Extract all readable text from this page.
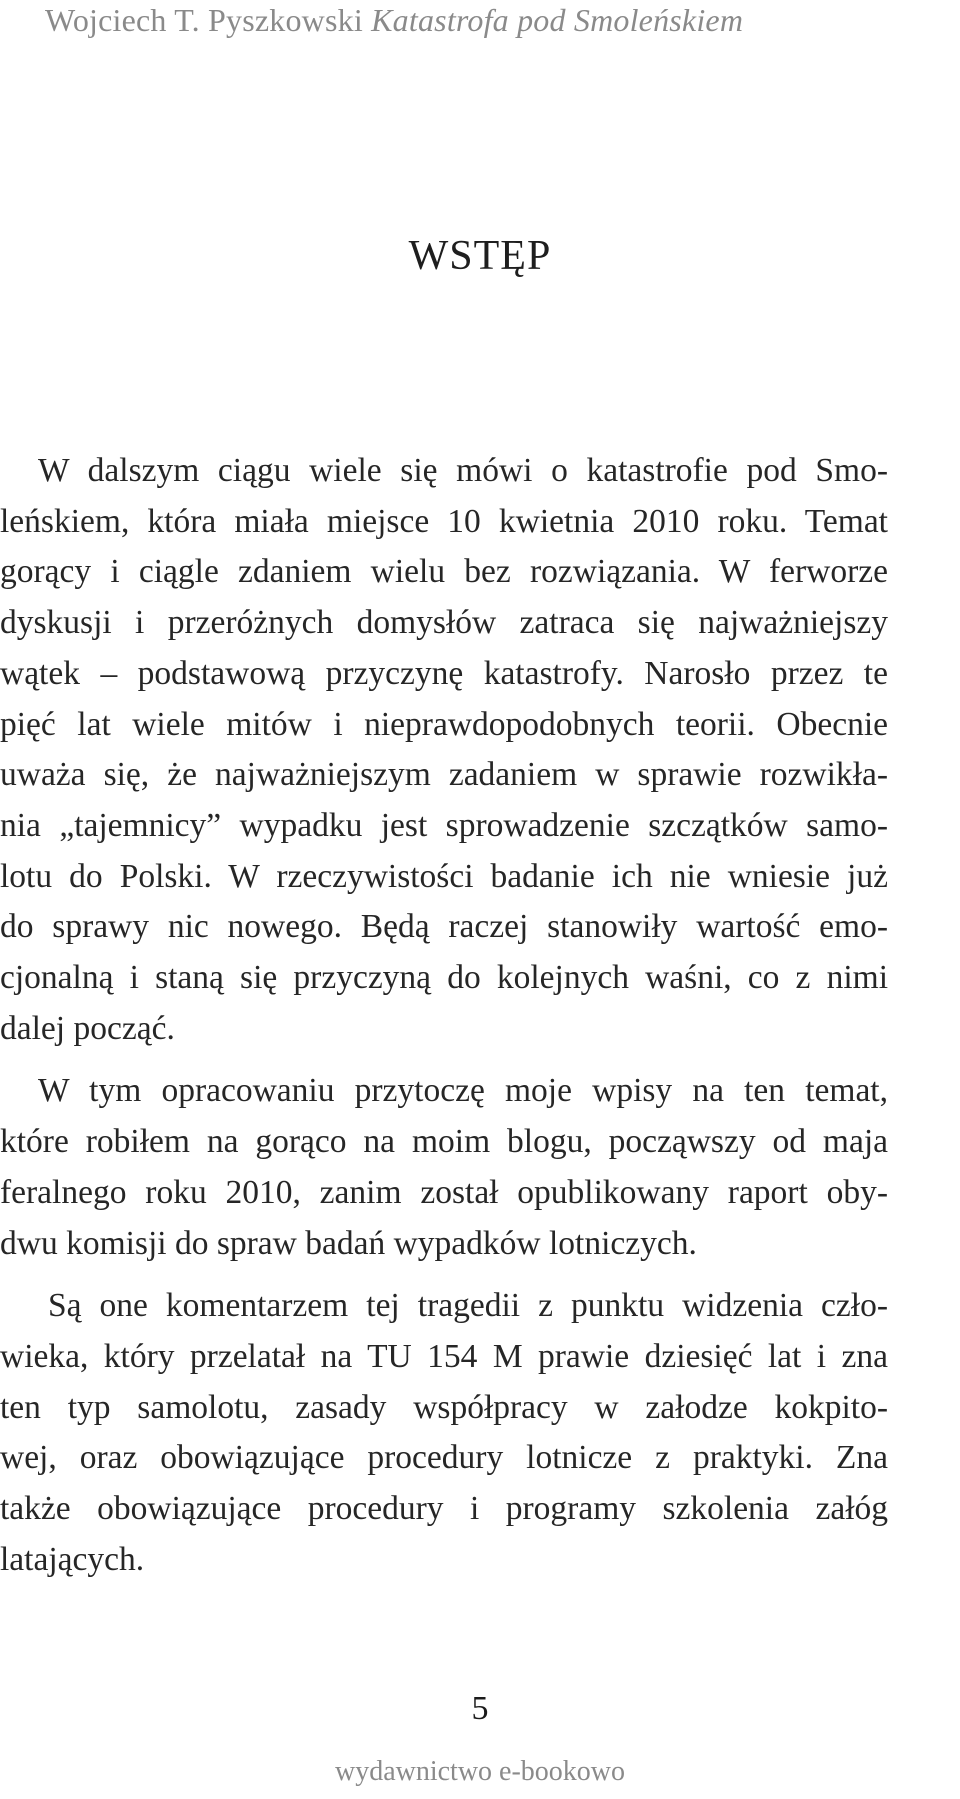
Wojciech T. Pyszkowski Katastrofa pod Smoleńskiem
WSTĘP
W dalszym ciągu wiele się mówi o katastrofie pod Smo-
leńskiem, która miała miejsce 10 kwietnia 2010 roku. Temat
gorący i ciągle zdaniem wielu bez rozwiązania. W ferworze
dyskusji i przeróżnych domysłów zatraca się najważniejszy
wątek – podstawową przyczynę katastrofy. Narosło przez te
pięć lat wiele mitów i nieprawdopodobnych teorii. Obecnie
uważa się, że najważniejszym zadaniem w sprawie rozwikła-
nia „tajemnicy” wypadku jest sprowadzenie szczątków samo-
lotu do Polski. W rzeczywistości badanie ich nie wniesie już
do sprawy nic nowego. Będą raczej stanowiły wartość emo-
cjonalną i staną się przyczyną do kolejnych waśni, co z nimi
dalej począć.
W tym opracowaniu przytoczę moje wpisy na ten temat,
które robiłem na gorąco na moim blogu, począwszy od maja
feralnego roku 2010, zanim został opublikowany raport oby-
dwu komisji do spraw badań wypadków lotniczych.
Są one komentarzem tej tragedii z punktu widzenia czło-
wieka, który przelatał na TU 154 M prawie dziesięć lat i zna
ten typ samolotu, zasady współpracy w załodze kokpito-
wej, oraz obowiązujące procedury lotnicze z praktyki. Zna
także obowiązujące procedury i programy szkolenia załóg
latających.
5
wydawnictwo e-bookowo
